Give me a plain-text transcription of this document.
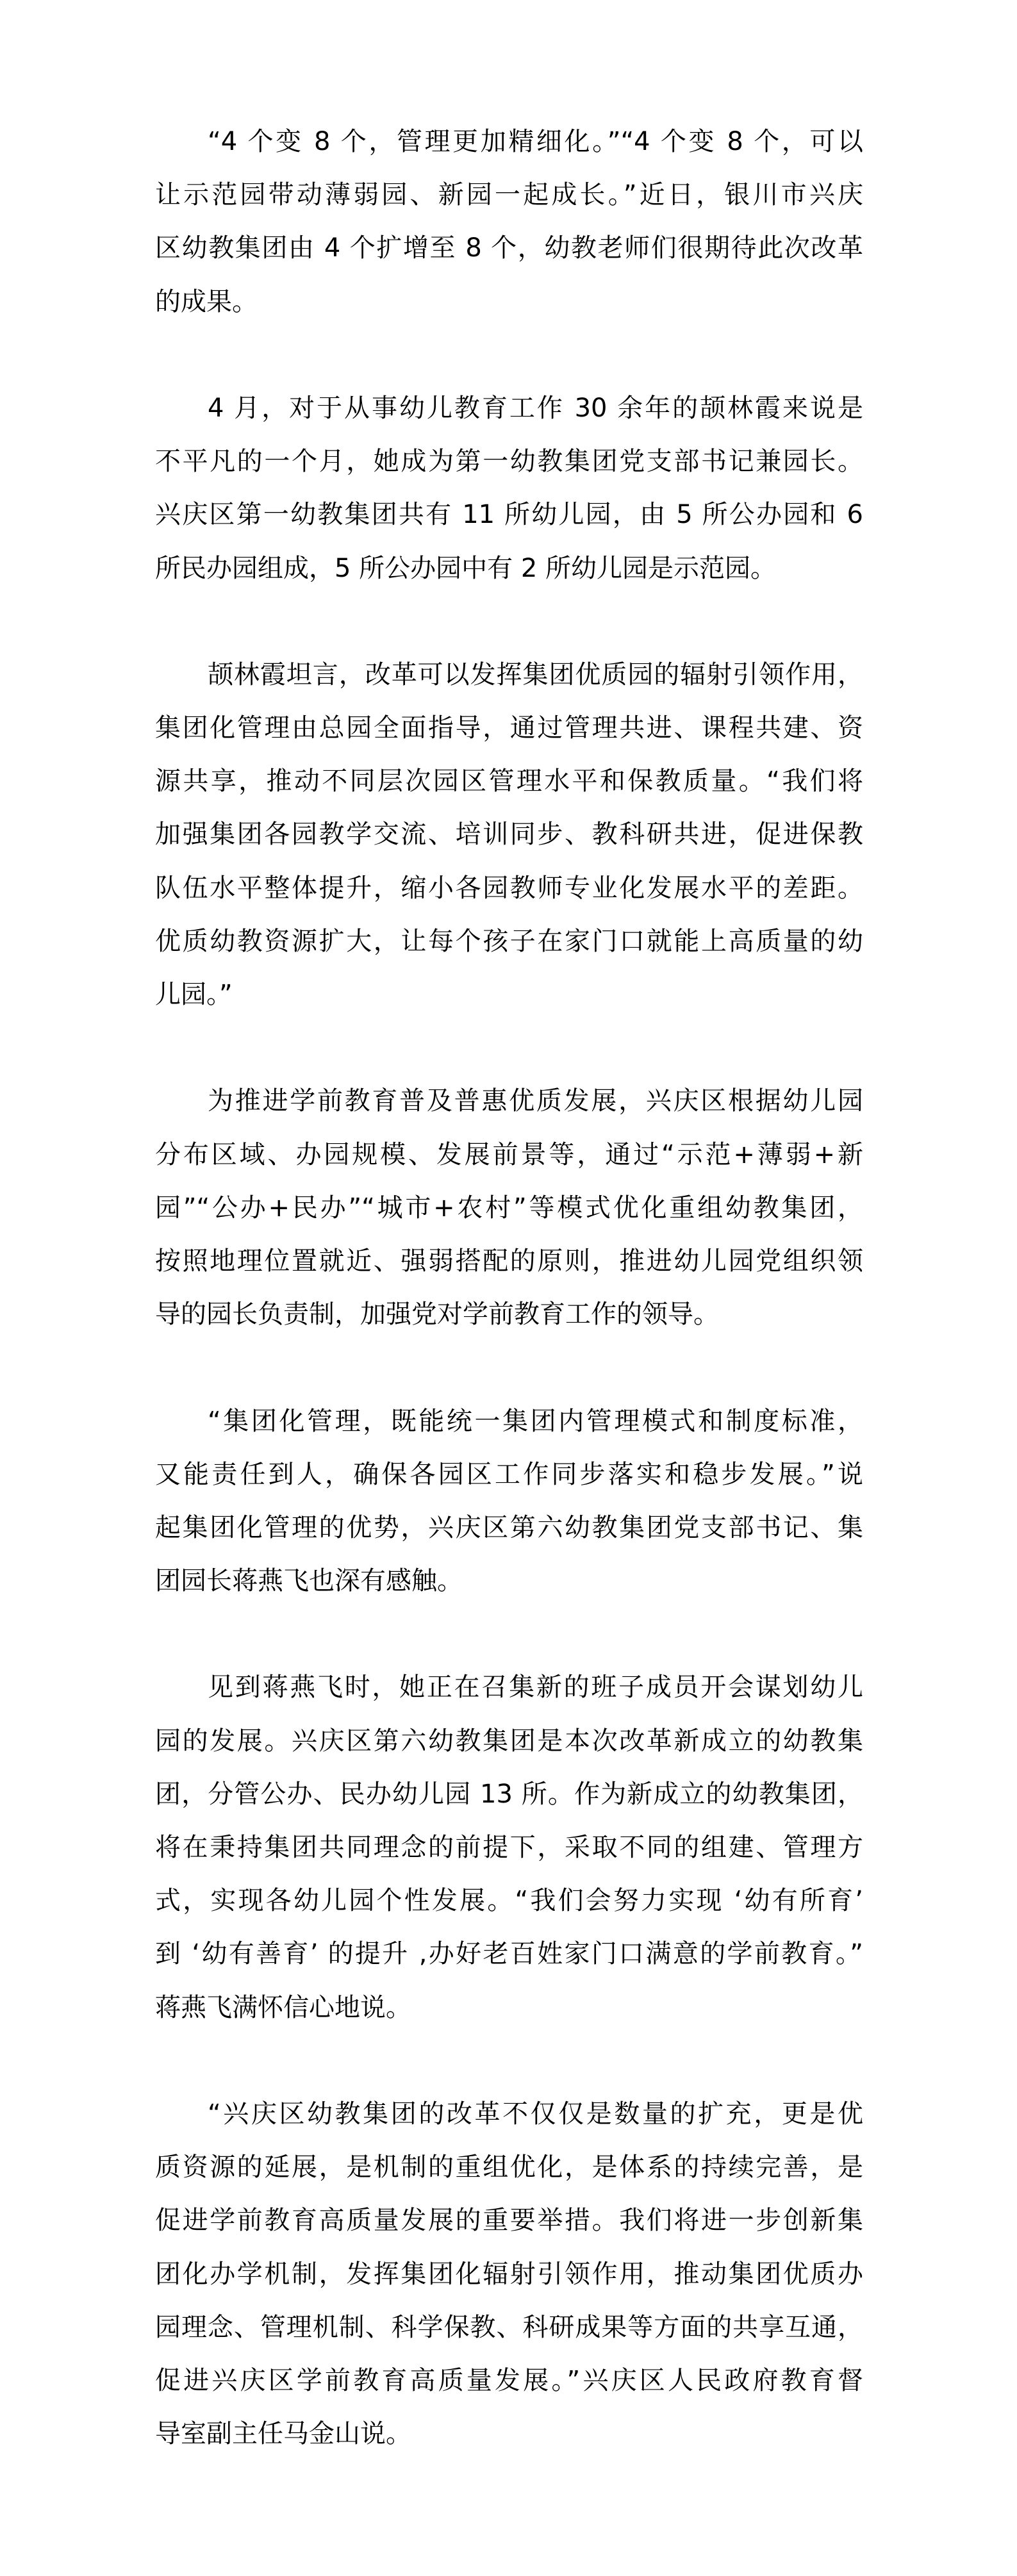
“4 个变 8 个，管理更加精细化。”“4 个变 8 个，可以
让示范园带动薄弱园、新园一起成长。”近日，银川市兴庆
区幼教集团由 4 个扩增至 8 个，幼教老师们很期待此次改革
的成果。
4 月，对于从事幼儿教育工作 30 余年的颉林霞来说是
不平凡的一个月，她成为第一幼教集团党支部书记兼园长。
兴庆区第一幼教集团共有 11 所幼儿园，由 5 所公办园和 6
所民办园组成，5 所公办园中有 2 所幼儿园是示范园。
颉林霞坦言，改革可以发挥集团优质园的辐射引领作用，
集团化管理由总园全面指导，通过管理共进、课程共建、资
源共享，推动不同层次园区管理水平和保教质量。“我们将
加强集团各园教学交流、培训同步、教科研共进，促进保教
队伍水平整体提升，缩小各园教师专业化发展水平的差距。
优质幼教资源扩大，让每个孩子在家门口就能上高质量的幼
儿园。”
为推进学前教育普及普惠优质发展，兴庆区根据幼儿园
分布区域、办园规模、发展前景等，通过“示范+薄弱+新
园”“公办+民办”“城市+农村”等模式优化重组幼教集团，
按照地理位置就近、强弱搭配的原则，推进幼儿园党组织领
导的园长负责制，加强党对学前教育工作的领导。
“集团化管理，既能统一集团内管理模式和制度标准，
又能责任到人，确保各园区工作同步落实和稳步发展。”说
起集团化管理的优势，兴庆区第六幼教集团党支部书记、集
团园长蒋燕飞也深有感触。
见到蒋燕飞时，她正在召集新的班子成员开会谋划幼儿
园的发展。兴庆区第六幼教集团是本次改革新成立的幼教集
团，分管公办、民办幼儿园 13 所。作为新成立的幼教集团，
将在秉持集团共同理念的前提下，采取不同的组建、管理方
式，实现各幼儿园个性发展。“我们会努力实现 ‘幼有所育’
到 ‘幼有善育’ 的提升 ,办好老百姓家门口满意的学前教育。”
蒋燕飞满怀信心地说。
“兴庆区幼教集团的改革不仅仅是数量的扩充，更是优
质资源的延展，是机制的重组优化，是体系的持续完善，是
促进学前教育高质量发展的重要举措。我们将进一步创新集
团化办学机制，发挥集团化辐射引领作用，推动集团优质办
园理念、管理机制、科学保教、科研成果等方面的共享互通，
促进兴庆区学前教育高质量发展。”兴庆区人民政府教育督
导室副主任马金山说。
